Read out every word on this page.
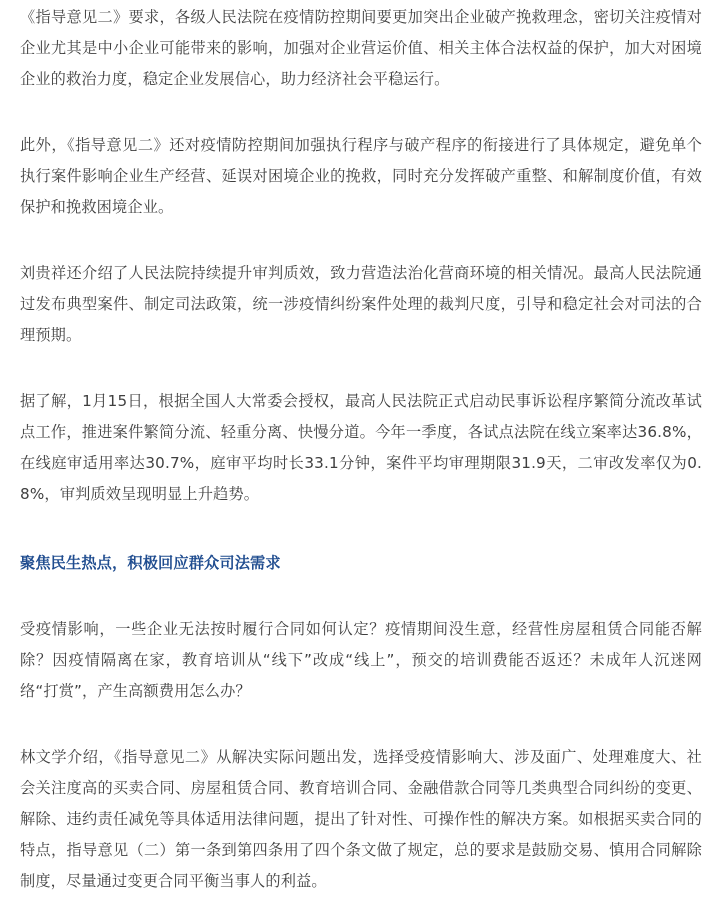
《指导意见二》要求，各级人民法院在疫情防控期间要更加突出企业破产挽救理念，密切关注疫情对企业尤其是中小企业可能带来的影响，加强对企业营运价值、相关主体合法权益的保护，加大对困境企业的救治力度，稳定企业发展信心，助力经济社会平稳运行。

此外，《指导意见二》还对疫情防控期间加强执行程序与破产程序的衔接进行了具体规定，避免单个执行案件影响企业生产经营、延误对困境企业的挽救，同时充分发挥破产重整、和解制度价值，有效保护和挽救困境企业。

刘贵祥还介绍了人民法院持续提升审判质效，致力营造法治化营商环境的相关情况。最高人民法院通过发布典型案件、制定司法政策，统一涉疫情纠纷案件处理的裁判尺度，引导和稳定社会对司法的合理预期。

据了解，1月15日，根据全国人大常委会授权，最高人民法院正式启动民事诉讼程序繁简分流改革试点工作，推进案件繁简分流、轻重分离、快慢分道。今年一季度，各试点法院在线立案率达36.8%，在线庭审适用率达30.7%，庭审平均时长33.1分钟，案件平均审理期限31.9天，二审改发率仅为0.8%，审判质效呈现明显上升趋势。

聚焦民生热点，积极回应群众司法需求

受疫情影响，一些企业无法按时履行合同如何认定？疫情期间没生意，经营性房屋租赁合同能否解除？因疫情隔离在家，教育培训从“线下”改成“线上”，预交的培训费能否返还？未成年人沉迷网络“打赏”，产生高额费用怎么办？

林文学介绍，《指导意见二》从解决实际问题出发，选择受疫情影响大、涉及面广、处理难度大、社会关注度高的买卖合同、房屋租赁合同、教育培训合同、金融借款合同等几类典型合同纠纷的变更、解除、违约责任减免等具体适用法律问题，提出了针对性、可操作性的解决方案。如根据买卖合同的特点，指导意见（二）第一条到第四条用了四个条文做了规定，总的要求是鼓励交易、慎用合同解除制度，尽量通过变更合同平衡当事人的利益。
